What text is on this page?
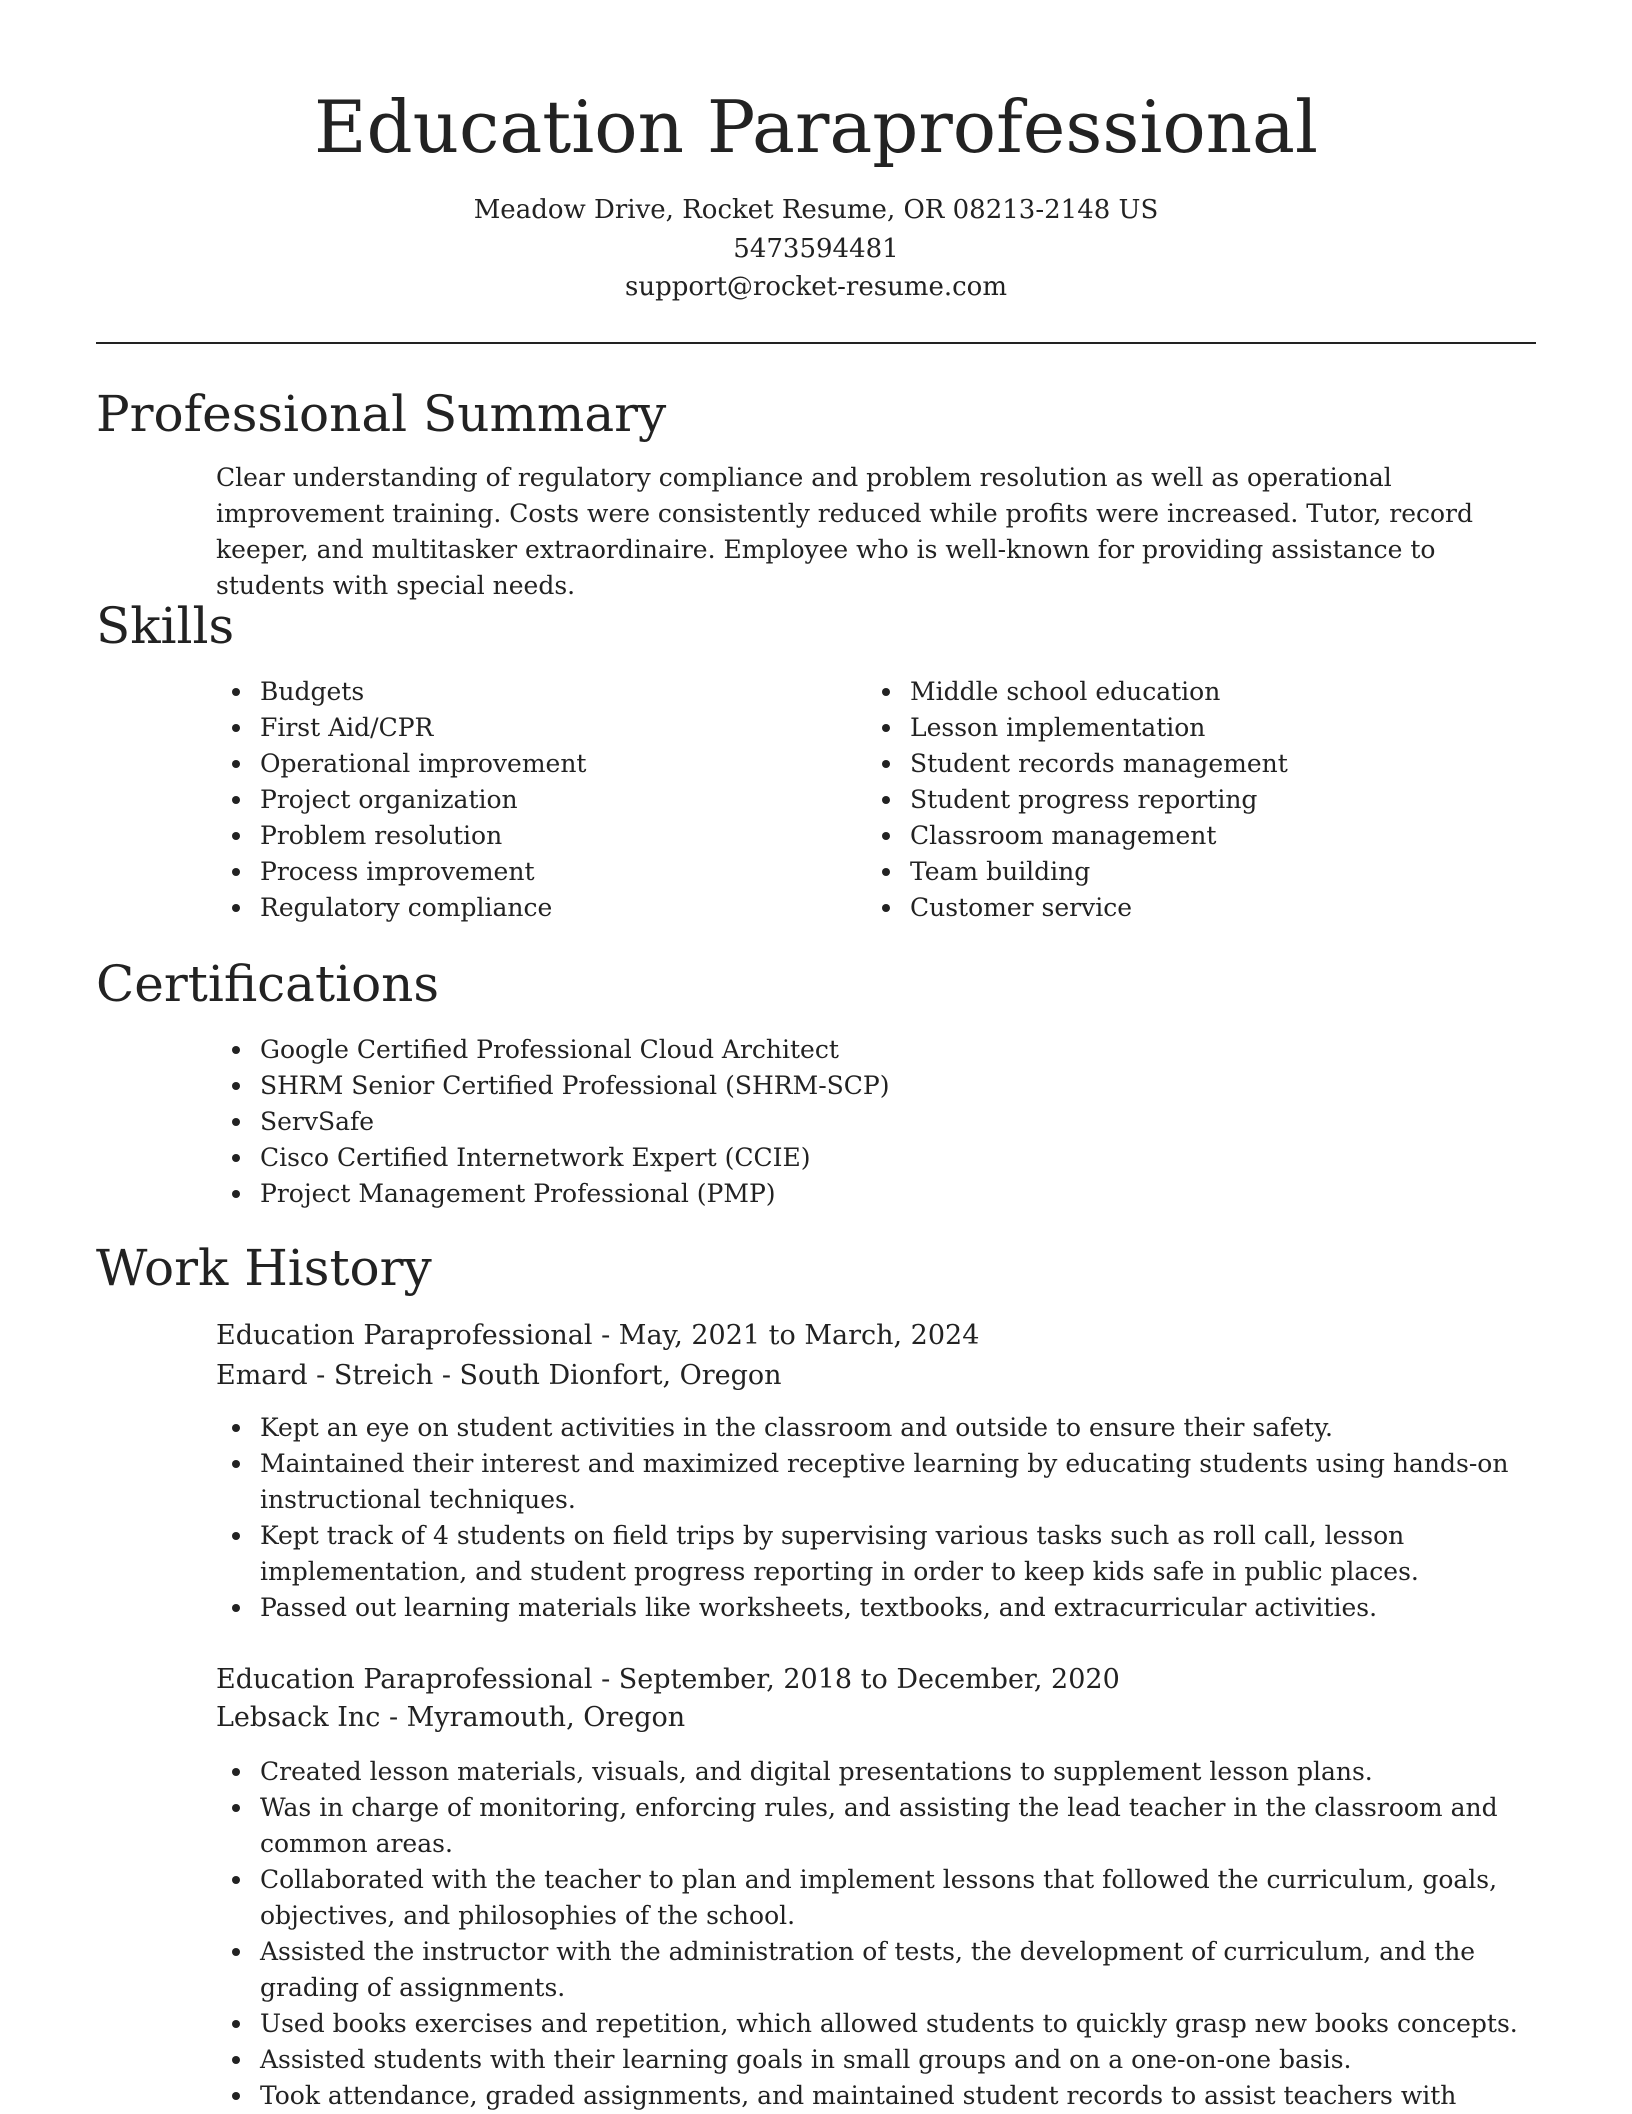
Education Paraprofessional
Meadow Drive, Rocket Resume, OR 08213-2148 US
5473594481
support@rocket-resume.com
Professional Summary

Clear understanding of regulatory compliance and problem resolution as well as operational improvement training. Costs were consistently reduced while profits were increased. Tutor, record keeper, and multitasker extraordinaire. Employee who is well-known for providing assistance to students with special needs.

Skills
Budgets
First Aid/CPR
Operational improvement
Project organization
Problem resolution
Process improvement
Regulatory compliance
Middle school education
Lesson implementation
Student records management
Student progress reporting
Classroom management
Team building
Customer service
Certifications
Google Certified Professional Cloud Architect
SHRM Senior Certified Professional (SHRM-SCP)
ServSafe
Cisco Certified Internetwork Expert (CCIE)
Project Management Professional (PMP)
Work History
Education Paraprofessional - May, 2021 to March, 2024
Emard - Streich - South Dionfort, Oregon
Kept an eye on student activities in the classroom and outside to ensure their safety.
Maintained their interest and maximized receptive learning by educating students using hands-on instructional techniques.
Kept track of 4 students on field trips by supervising various tasks such as roll call, lesson implementation, and student progress reporting in order to keep kids safe in public places.
Passed out learning materials like worksheets, textbooks, and extracurricular activities.
Education Paraprofessional - September, 2018 to December, 2020
Lebsack Inc - Myramouth, Oregon
Created lesson materials, visuals, and digital presentations to supplement lesson plans.
Was in charge of monitoring, enforcing rules, and assisting the lead teacher in the classroom and common areas.
Collaborated with the teacher to plan and implement lessons that followed the curriculum, goals, objectives, and philosophies of the school.
Assisted the instructor with the administration of tests, the development of curriculum, and the grading of assignments.
Used books exercises and repetition, which allowed students to quickly grasp new books concepts.
Assisted students with their learning goals in small groups and on a one-on-one basis.
Took attendance, graded assignments, and maintained student records to assist teachers with
